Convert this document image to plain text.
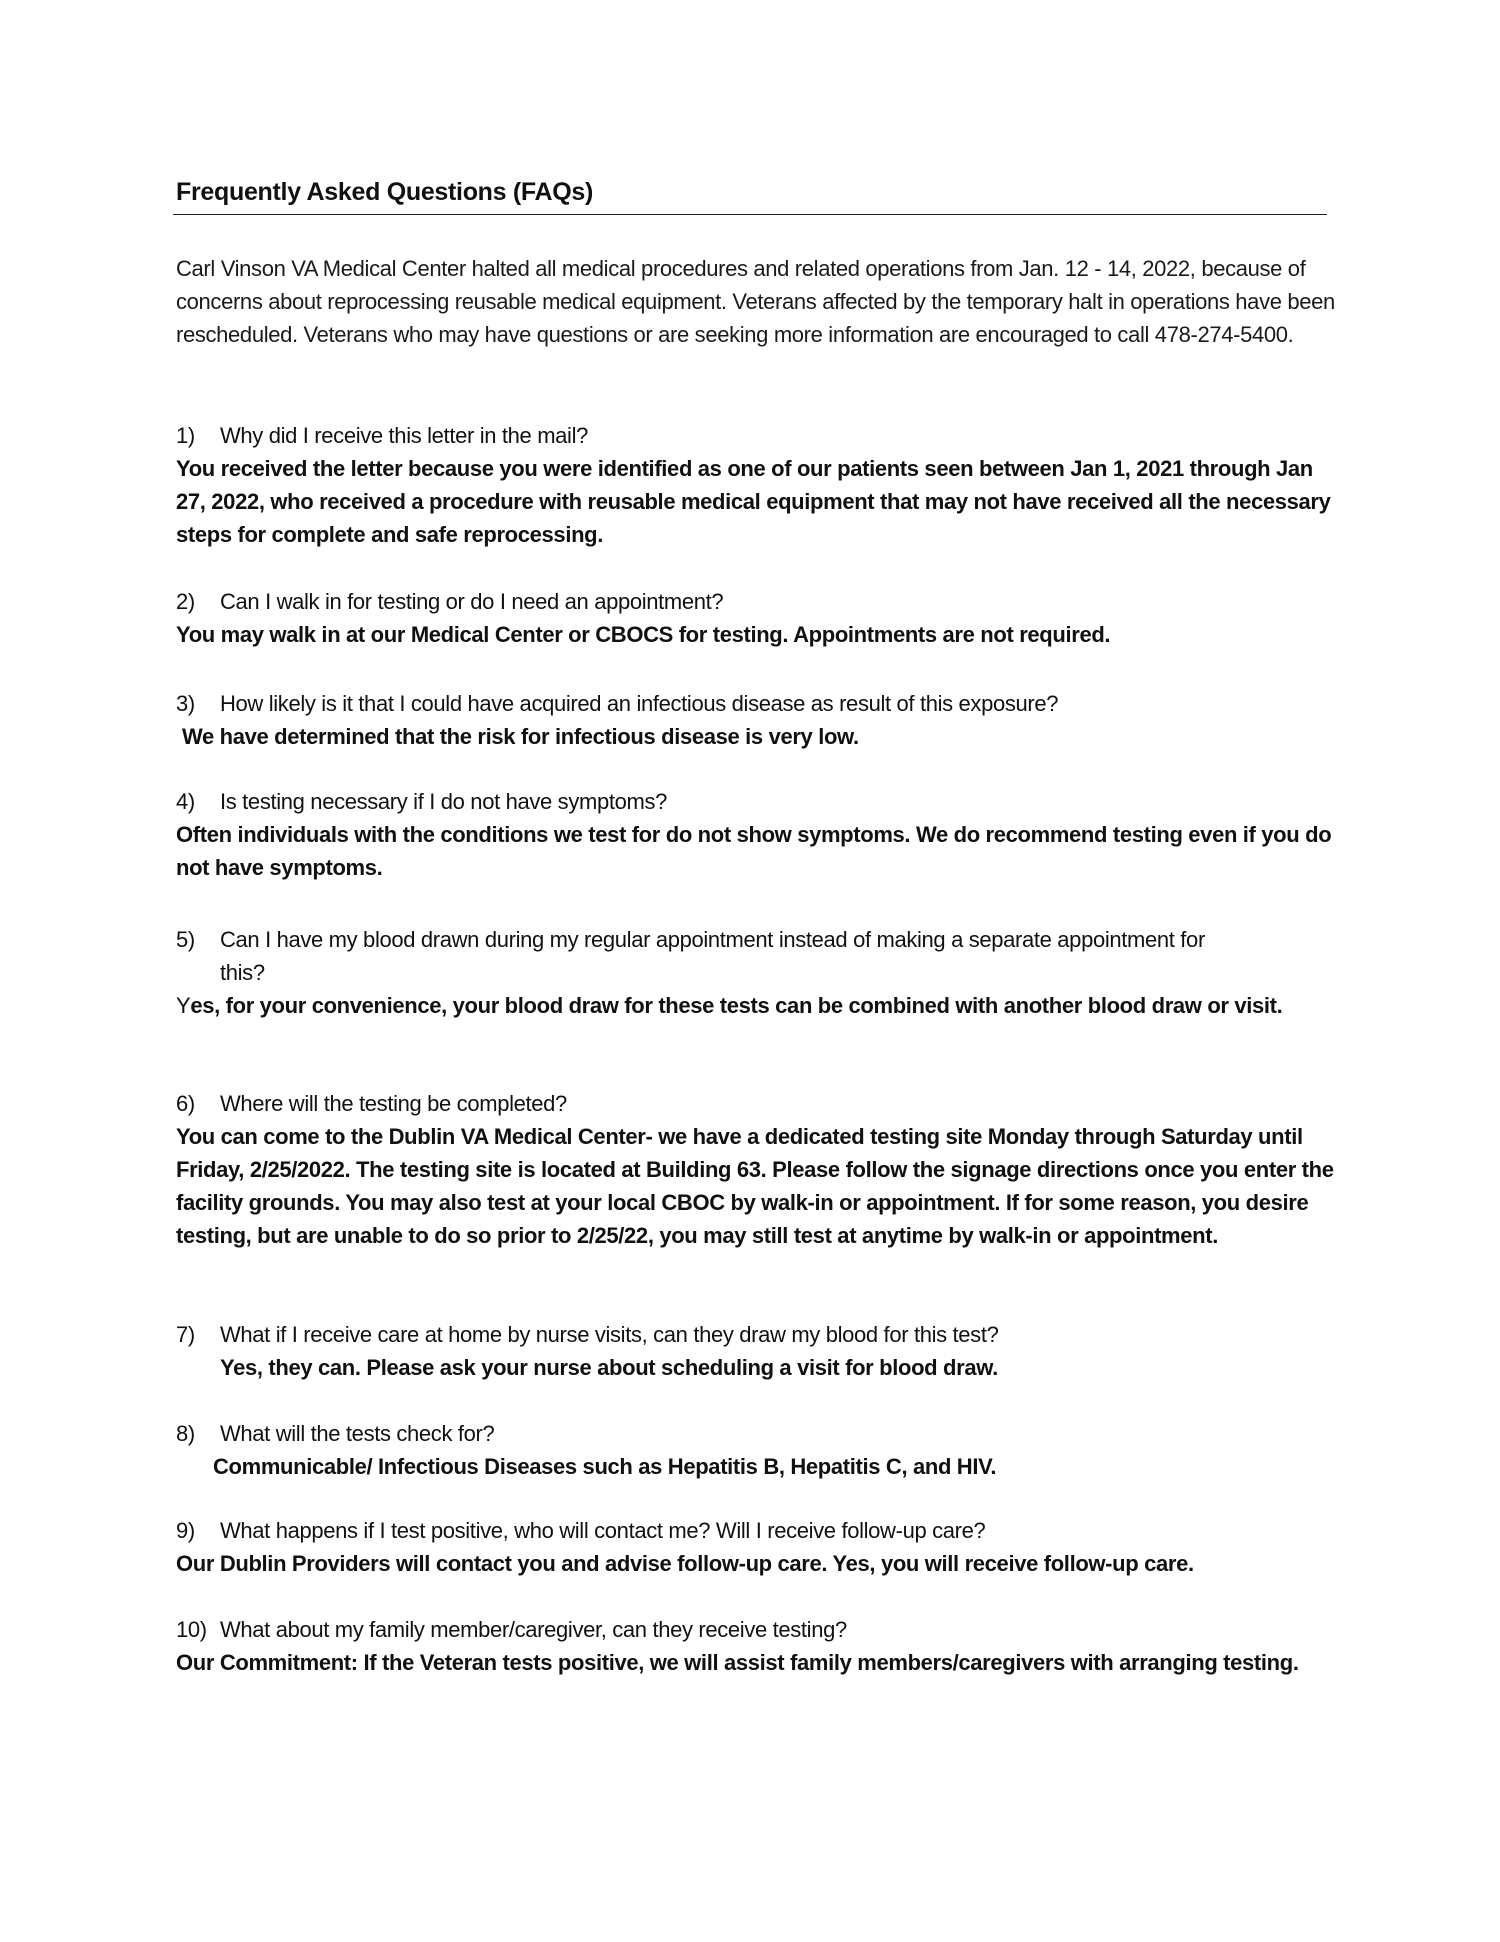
Frequently Asked Questions (FAQs)
Carl Vinson VA Medical Center halted all medical procedures and related operations from Jan. 12 - 14, 2022, because of concerns about reprocessing reusable medical equipment. Veterans affected by the temporary halt in operations have been rescheduled. Veterans who may have questions or are seeking more information are encouraged to call 478-274-5400.
1)	Why did I receive this letter in the mail?
You received the letter because you were identified as one of our patients seen between Jan 1, 2021 through Jan 27, 2022, who received a procedure with reusable medical equipment that may not have received all the necessary steps for complete and safe reprocessing.
2)	Can I walk in for testing or do I need an appointment?
You may walk in at our Medical Center or CBOCS for testing. Appointments are not required.
3)	How likely is it that I could have acquired an infectious disease as result of this exposure?
We have determined that the risk for infectious disease is very low.
4)	Is testing necessary if I do not have symptoms?
Often individuals with the conditions we test for do not show symptoms. We do recommend testing even if you do not have symptoms.
5)	Can I have my blood drawn during my regular appointment instead of making a separate appointment for this?
Yes, for your convenience, your blood draw for these tests can be combined with another blood draw or visit.
6)	Where will the testing be completed?
You can come to the Dublin VA Medical Center- we have a dedicated testing site Monday through Saturday until Friday, 2/25/2022. The testing site is located at Building 63. Please follow the signage directions once you enter the facility grounds. You may also test at your local CBOC by walk-in or appointment. If for some reason, you desire testing, but are unable to do so prior to 2/25/22, you may still test at anytime by walk-in or appointment.
7)	What if I receive care at home by nurse visits, can they draw my blood for this test?
Yes, they can. Please ask your nurse about scheduling a visit for blood draw.
8)	What will the tests check for?
Communicable/ Infectious Diseases such as Hepatitis B, Hepatitis C, and HIV.
9)	What happens if I test positive, who will contact me? Will I receive follow-up care?
Our Dublin Providers will contact you and advise follow-up care. Yes, you will receive follow-up care.
10) What about my family member/caregiver, can they receive testing?
Our Commitment: If the Veteran tests positive, we will assist family members/caregivers with arranging testing.
